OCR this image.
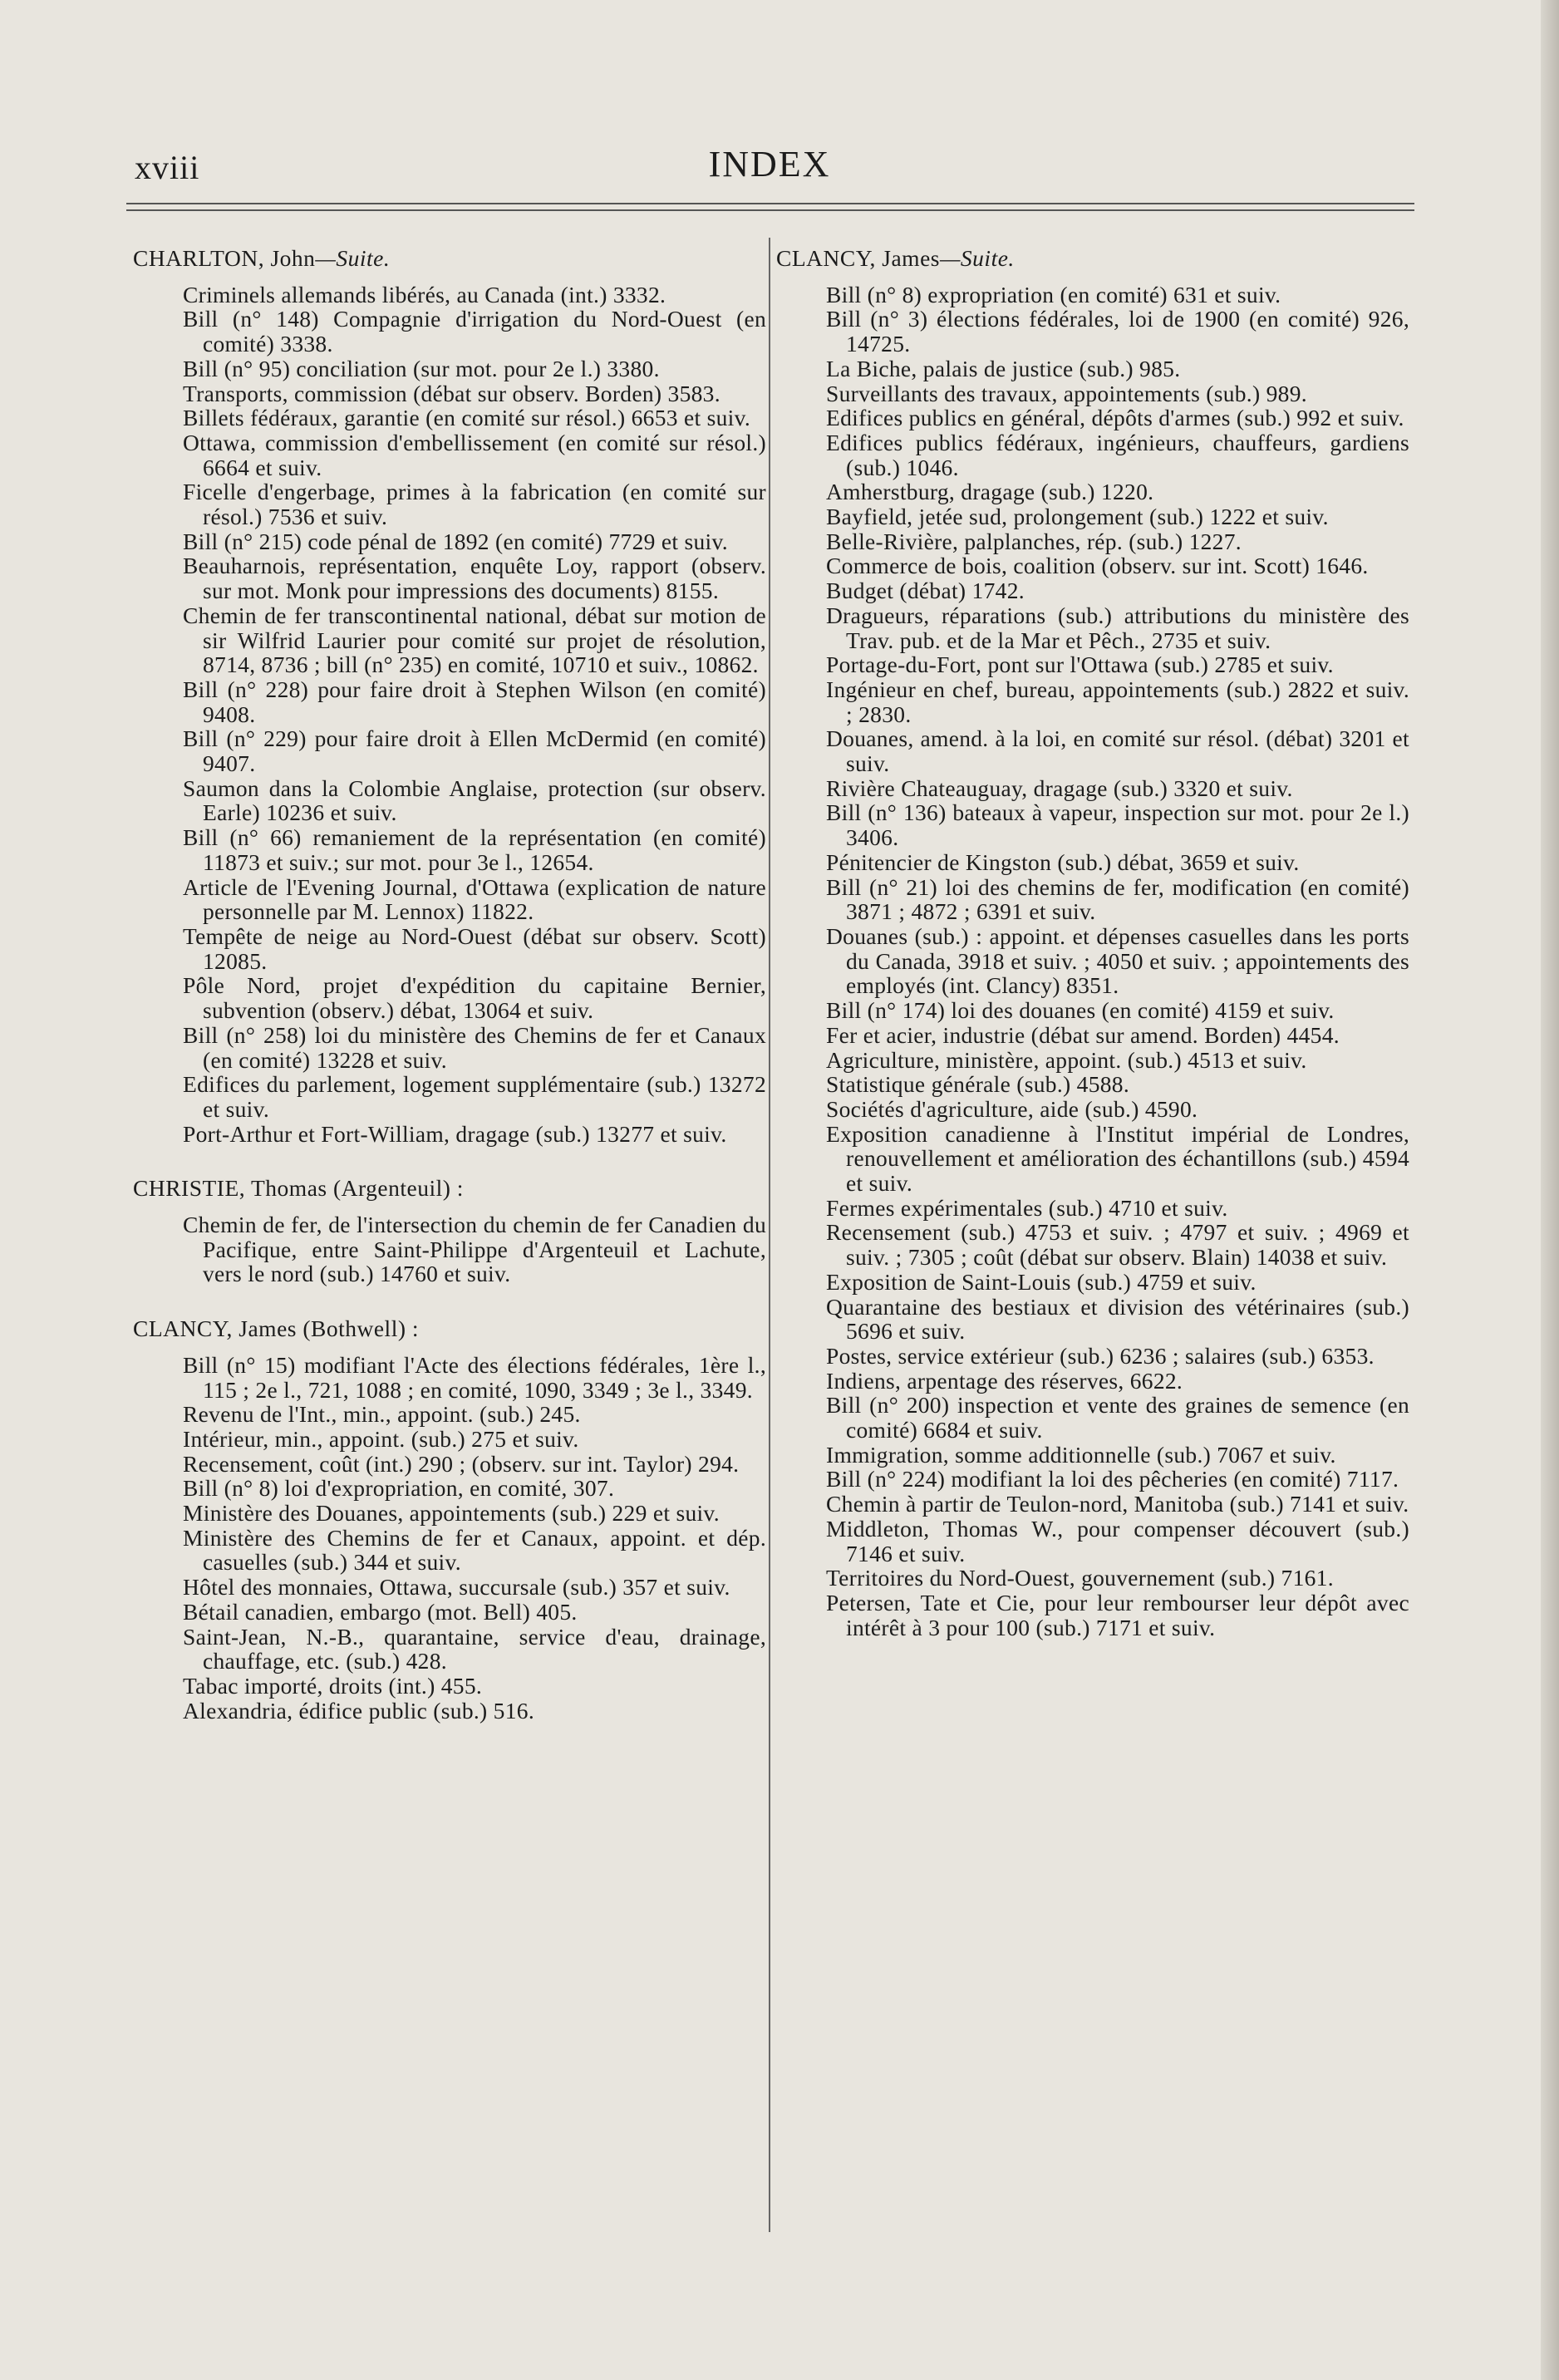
xviii	INDEX
CHARLTON, John—Suite.
Criminels allemands libérés, au Canada (int.) 3332.
Bill (n° 148) Compagnie d'irrigation du Nord-Ouest (en comité) 3338.
Bill (n° 95) conciliation (sur mot. pour 2e l.) 3380.
Transports, commission (débat sur observ. Borden) 3583.
Billets fédéraux, garantie (en comité sur résol.) 6653 et suiv.
Ottawa, commission d'embellissement (en comité sur résol.) 6664 et suiv.
Ficelle d'engerbage, primes à la fabrication (en comité sur résol.) 7536 et suiv.
Bill (n° 215) code pénal de 1892 (en comité) 7729 et suiv.
Beauharnois, représentation, enquête Loy, rapport (observ. sur mot. Monk pour impressions des documents) 8155.
Chemin de fer transcontinental national, débat sur motion de sir Wilfrid Laurier pour comité sur projet de résolution, 8714, 8736 ; bill (n° 235) en comité, 10710 et suiv., 10862.
Bill (n° 228) pour faire droit à Stephen Wilson (en comité) 9408.
Bill (n° 229) pour faire droit à Ellen McDermid (en comité) 9407.
Saumon dans la Colombie Anglaise, protection (sur observ. Earle) 10236 et suiv.
Bill (n° 66) remaniement de la représentation (en comité) 11873 et suiv.; sur mot. pour 3e l., 12654.
Article de l'Evening Journal, d'Ottawa (explication de nature personnelle par M. Lennox) 11822.
Tempête de neige au Nord-Ouest (débat sur observ. Scott) 12085.
Pôle Nord, projet d'expédition du capitaine Bernier, subvention (observ.) débat, 13064 et suiv.
Bill (n° 258) loi du ministère des Chemins de fer et Canaux (en comité) 13228 et suiv.
Edifices du parlement, logement supplémentaire (sub.) 13272 et suiv.
Port-Arthur et Fort-William, dragage (sub.) 13277 et suiv.
CHRISTIE, Thomas (Argenteuil) :
Chemin de fer, de l'intersection du chemin de fer Canadien du Pacifique, entre Saint-Philippe d'Argenteuil et Lachute, vers le nord (sub.) 14760 et suiv.
CLANCY, James (Bothwell) :
Bill (n° 15) modifiant l'Acte des élections fédérales, 1ère l., 115 ; 2e l., 721, 1088 ; en comité, 1090, 3349 ; 3e l., 3349.
Revenu de l'Int., min., appoint. (sub.) 245.
Intérieur, min., appoint. (sub.) 275 et suiv.
Recensement, coût (int.) 290 ; (observ. sur int. Taylor) 294.
Bill (n° 8) loi d'expropriation, en comité, 307.
Ministère des Douanes, appointements (sub.) 229 et suiv.
Ministère des Chemins de fer et Canaux, appoint. et dép. casuelles (sub.) 344 et suiv.
Hôtel des monnaies, Ottawa, succursale (sub.) 357 et suiv.
Bétail canadien, embargo (mot. Bell) 405.
Saint-Jean, N.-B., quarantaine, service d'eau, drainage, chauffage, etc. (sub.) 428.
Tabac importé, droits (int.) 455.
Alexandria, édifice public (sub.) 516.
CLANCY, James—Suite.
Bill (n° 8) expropriation (en comité) 631 et suiv.
Bill (n° 3) élections fédérales, loi de 1900 (en comité) 926, 14725.
La Biche, palais de justice (sub.) 985.
Surveillants des travaux, appointements (sub.) 989.
Edifices publics en général, dépôts d'armes (sub.) 992 et suiv.
Edifices publics fédéraux, ingénieurs, chauffeurs, gardiens (sub.) 1046.
Amherstburg, dragage (sub.) 1220.
Bayfield, jetée sud, prolongement (sub.) 1222 et suiv.
Belle-Rivière, palplanches, rép. (sub.) 1227.
Commerce de bois, coalition (observ. sur int. Scott) 1646.
Budget (débat) 1742.
Dragueurs, réparations (sub.) attributions du ministère des Trav. pub. et de la Mar et Pêch., 2735 et suiv.
Portage-du-Fort, pont sur l'Ottawa (sub.) 2785 et suiv.
Ingénieur en chef, bureau, appointements (sub.) 2822 et suiv. ; 2830.
Douanes, amend. à la loi, en comité sur résol. (débat) 3201 et suiv.
Rivière Chateauguay, dragage (sub.) 3320 et suiv.
Bill (n° 136) bateaux à vapeur, inspection sur mot. pour 2e l.) 3406.
Pénitencier de Kingston (sub.) débat, 3659 et suiv.
Bill (n° 21) loi des chemins de fer, modification (en comité) 3871 ; 4872 ; 6391 et suiv.
Douanes (sub.) : appoint. et dépenses casuelles dans les ports du Canada, 3918 et suiv. ; 4050 et suiv. ; appointements des employés (int. Clancy) 8351.
Bill (n° 174) loi des douanes (en comité) 4159 et suiv.
Fer et acier, industrie (débat sur amend. Borden) 4454.
Agriculture, ministère, appoint. (sub.) 4513 et suiv.
Statistique générale (sub.) 4588.
Sociétés d'agriculture, aide (sub.) 4590.
Exposition canadienne à l'Institut impérial de Londres, renouvellement et amélioration des échantillons (sub.) 4594 et suiv.
Fermes expérimentales (sub.) 4710 et suiv.
Recensement (sub.) 4753 et suiv. ; 4797 et suiv. ; 4969 et suiv. ; 7305 ; coût (débat sur observ. Blain) 14038 et suiv.
Exposition de Saint-Louis (sub.) 4759 et suiv.
Quarantaine des bestiaux et division des vétérinaires (sub.) 5696 et suiv.
Postes, service extérieur (sub.) 6236 ; salaires (sub.) 6353.
Indiens, arpentage des réserves, 6622.
Bill (n° 200) inspection et vente des graines de semence (en comité) 6684 et suiv.
Immigration, somme additionnelle (sub.) 7067 et suiv.
Bill (n° 224) modifiant la loi des pêcheries (en comité) 7117.
Chemin à partir de Teulon-nord, Manitoba (sub.) 7141 et suiv.
Middleton, Thomas W., pour compenser découvert (sub.) 7146 et suiv.
Territoires du Nord-Ouest, gouvernement (sub.) 7161.
Petersen, Tate et Cie, pour leur rembourser leur dépôt avec intérêt à 3 pour 100 (sub.) 7171 et suiv.
